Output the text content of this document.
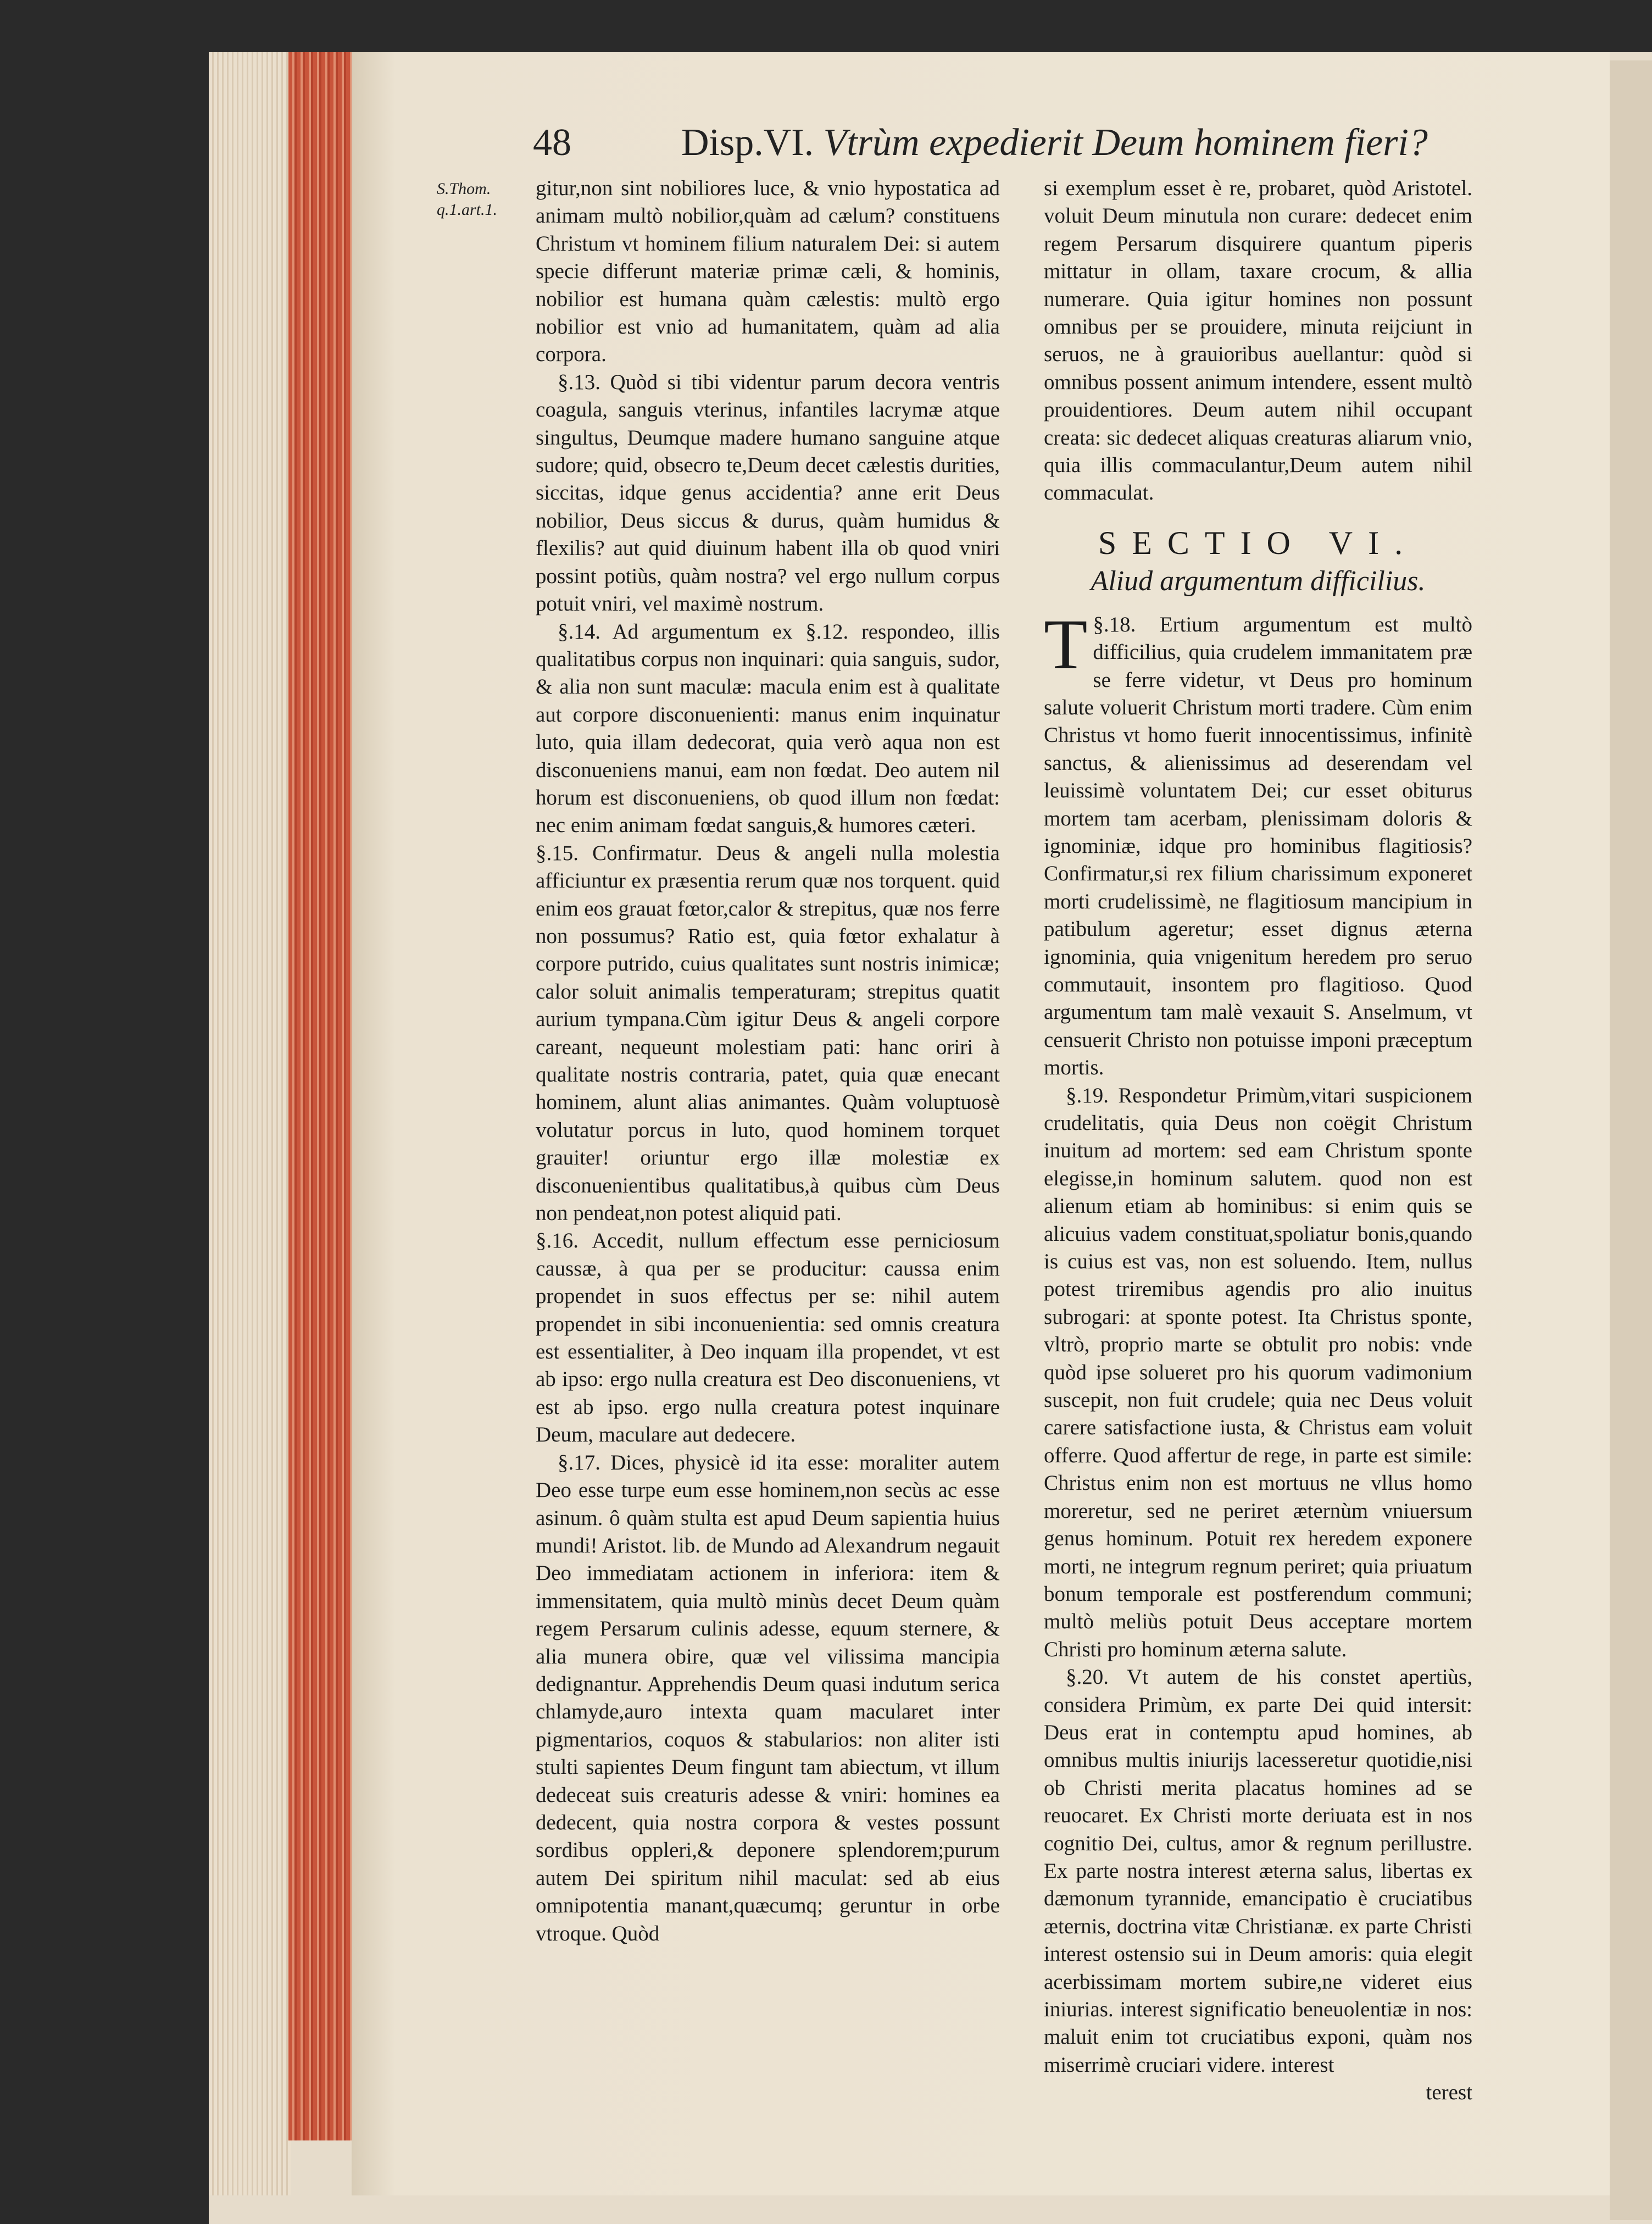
48	Disp.VI. Vtrùm expedierit Deum hominem fieri?
S.Thom.
q.1.art.1.

gitur,non sint nobiliores luce, & vnio hypostatica ad animam multò nobilior,quàm ad cælum? constituens Christum vt hominem filium naturalem Dei: si autem specie differunt materiæ primæ cæli, & hominis, nobilior est humana quàm cælestis: multò ergo nobilior est vnio ad humanitatem, quàm ad alia corpora.

§.13. Quòd si tibi videntur parum decora ventris coagula, sanguis vterinus, infantiles lacrymæ atque singultus, Deumque madere humano sanguine atque sudore; quid, obsecro te,Deum decet cælestis durities, siccitas, idque genus accidentia? anne erit Deus nobilior, Deus siccus & durus, quàm humidus & flexilis? aut quid diuinum habent illa ob quod vniri possint potiùs, quàm nostra? vel ergo nullum corpus potuit vniri, vel maximè nostrum.

§.14. Ad argumentum ex §.12. respondeo, illis qualitatibus corpus non inquinari: quia sanguis, sudor, & alia non sunt maculæ: macula enim est à qualitate aut corpore disconuenienti: manus enim inquinatur luto, quia illam dedecorat, quia verò aqua non est disconueniens manui, eam non fœdat. Deo autem nil horum est disconueniens, ob quod illum non fœdat: nec enim animam fœdat sanguis,& humores cæteri.

§.15. Confirmatur. Deus & angeli nulla molestia afficiuntur ex præsentia rerum quæ nos torquent. quid enim eos grauat fœtor,calor & strepitus, quæ nos ferre non possumus? Ratio est, quia fœtor exhalatur à corpore putrido, cuius qualitates sunt nostris inimicæ; calor soluit animalis temperaturam; strepitus quatit aurium tympana.Cùm igitur Deus & angeli corpore careant, nequeunt molestiam pati: hanc oriri à qualitate nostris contraria, patet, quia quæ enecant hominem, alunt alias animantes. Quàm voluptuosè volutatur porcus in luto, quod hominem torquet grauiter! oriuntur ergo illæ molestiæ ex disconuenientibus qualitatibus,à quibus cùm Deus non pendeat,non potest aliquid pati.

§.16. Accedit, nullum effectum esse perniciosum caussæ, à qua per se producitur: caussa enim propendet in suos effectus per se: nihil autem propendet in sibi inconuenientia: sed omnis creatura est essentialiter, à Deo inquam illa propendet, vt est ab ipso: ergo nulla creatura est Deo disconueniens, vt est ab ipso. ergo nulla creatura potest inquinare Deum, maculare aut dedecere.

§.17. Dices, physicè id ita esse: moraliter autem Deo esse turpe eum esse hominem,non secùs ac esse asinum. ô quàm stulta est apud Deum sapientia huius mundi! Aristot. lib. de Mundo ad Alexandrum negauit Deo immediatam actionem in inferiora: item & immensitatem, quia multò minùs decet Deum quàm regem Persarum culinis adesse, equum sternere, & alia munera obire, quæ vel vilissima mancipia dedignantur. Apprehendis Deum quasi indutum serica chlamyde,auro intexta quam macularet inter pigmentarios, coquos & stabularios: non aliter isti stulti sapientes Deum fingunt tam abiectum, vt illum dedeceat suis creaturis adesse & vniri: homines ea dedecent, quia nostra corpora & vestes possunt sordibus oppleri,& deponere splendorem;purum autem Dei spiritum nihil maculat: sed ab eius omnipotentia manant,quæcumq; geruntur in orbe vtroque. Quòd

si exemplum esset è re, probaret, quòd Aristotel. voluit Deum minutula non curare: dedecet enim regem Persarum disquirere quantum piperis mittatur in ollam, taxare crocum, & allia numerare. Quia igitur homines non possunt omnibus per se prouidere, minuta reijciunt in seruos, ne à grauioribus auellantur: quòd si omnibus possent animum intendere, essent multò prouidentiores. Deum autem nihil occupant creata: sic dedecet aliquas creaturas aliarum vnio, quia illis commaculantur,Deum autem nihil commaculat.

SECTIO VI.
Aliud argumentum difficilius.

§.18.
T	Ertium argumentum est multò difficilius, quia crudelem immanitatem præ se ferre videtur, vt Deus pro hominum salute voluerit Christum morti tradere. Cùm enim Christus vt homo fuerit innocentissimus, infinitè sanctus, & alienissimus ad deserendam vel leuissimè voluntatem Dei; cur esset obiturus mortem tam acerbam, plenissimam doloris & ignominiæ, idque pro hominibus flagitiosis? Confirmatur,si rex filium charissimum exponeret morti crudelissimè, ne flagitiosum mancipium in patibulum ageretur; esset dignus æterna ignominia, quia vnigenitum heredem pro seruo commutauit, insontem pro flagitioso. Quod argumentum tam malè vexauit S. Anselmum, vt censuerit Christo non potuisse imponi præceptum mortis.

§.19. Respondetur Primùm,vitari suspicionem crudelitatis, quia Deus non coëgit Christum inuitum ad mortem: sed eam Christum sponte elegisse,in hominum salutem. quod non est alienum etiam ab hominibus: si enim quis se alicuius vadem constituat,spoliatur bonis,quando is cuius est vas, non est soluendo. Item, nullus potest triremibus agendis pro alio inuitus subrogari: at sponte potest. Ita Christus sponte, vltrò, proprio marte se obtulit pro nobis: vnde quòd ipse solueret pro his quorum vadimonium suscepit, non fuit crudele; quia nec Deus voluit carere satisfactione iusta, & Christus eam voluit offerre. Quod affertur de rege, in parte est simile: Christus enim non est mortuus ne vllus homo moreretur, sed ne periret æternùm vniuersum genus hominum. Potuit rex heredem exponere morti, ne integrum regnum periret; quia priuatum bonum temporale est postferendum communi; multò meliùs potuit Deus acceptare mortem Christi pro hominum æterna salute.

§.20. Vt autem de his constet apertiùs, considera Primùm, ex parte Dei quid intersit: Deus erat in contemptu apud homines, ab omnibus multis iniurijs lacesseretur quotidie,nisi ob Christi merita placatus homines ad se reuocaret. Ex Christi morte deriuata est in nos cognitio Dei, cultus, amor & regnum perillustre. Ex parte nostra interest æterna salus, libertas ex dæmonum tyrannide, emancipatio è cruciatibus æternis, doctrina vitæ Christianæ. ex parte Christi interest ostensio sui in Deum amoris: quia elegit acerbissimam mortem subire,ne videret eius iniurias. interest significatio beneuolentiæ in nos: maluit enim tot cruciatibus exponi, quàm nos miserrimè cruciari videre. interest

terest
